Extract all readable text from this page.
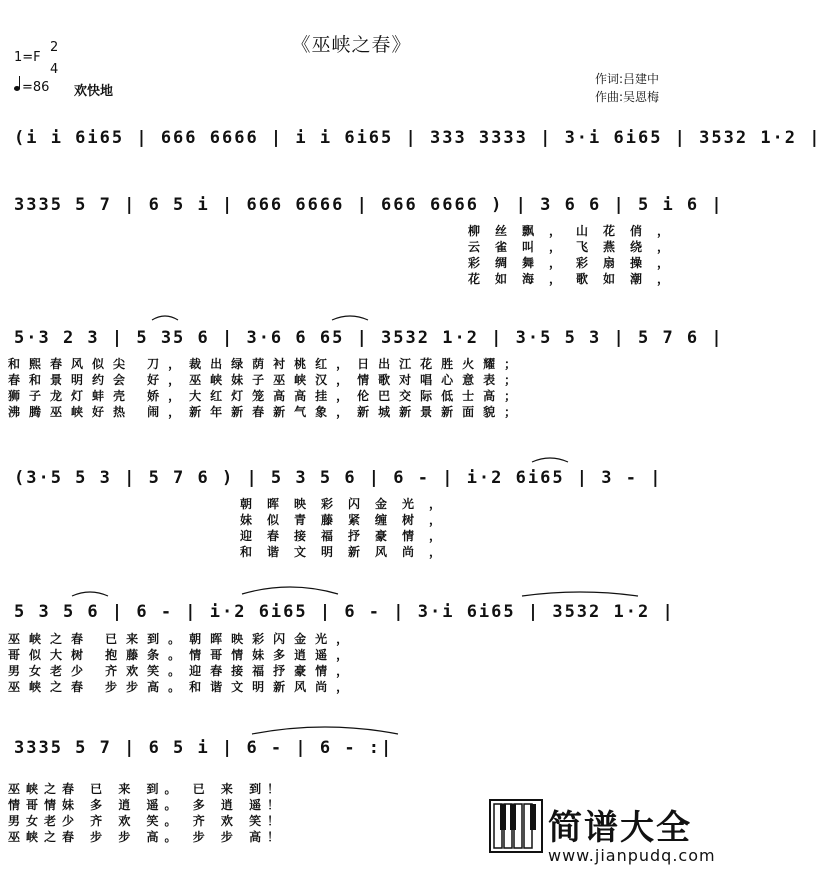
《巫峡之春》
1=F
2
4
=86 欢快地
作词:吕建中
作曲:吴恩梅
(i i 6i65 | 666 6666 | i i 6i65 | 333 3333 | 3·i 6i65 | 3532 1·2 |
3335 5 7 | 6 5 i | 666 6666 | 666 6666 ) | 3 6 6 | 5 i 6 |
柳丝飘，山花俏，
云雀叫，飞燕绕，
彩绸舞，彩扇操，
花如海，歌如潮，
5·3 2 3 | 5 35 6 | 3·6 6 65 | 3532 1·2 | 3·5 5 3 | 5 7 6 |
和熙春风似尖 刀，裁出绿荫衬桃红，日出江花胜火耀；
春和景明约会 好，巫峡妹子巫峡汉，情歌对唱心意表；
狮子龙灯蚌壳 娇，大红灯笼高高挂，伦巴交际低士高；
沸腾巫峡好热 闹，新年新春新气象，新城新景新面貌；
(3·5 5 3 | 5 7 6 ) | 5 3 5 6 | 6 - | i·2 6i65 | 3 - |
朝晖映彩闪金光，
妹似青藤紧缠树，
迎春接福抒豪情，
和谐文明新风尚，
5 3 5 6 | 6 - | i·2 6i65 | 6 - | 3·i 6i65 | 3532 1·2 |
巫峡之春 已来到。朝晖映彩闪金光，
哥似大树 抱藤条。情哥情妹多逍遥，
男女老少 齐欢笑。迎春接福抒豪情，
巫峡之春 步步高。和谐文明新风尚，
3335 5 7 | 6 5 i | 6 - | 6 - :|
巫峡之春 已 来 到。 已 来 到！
情哥情妹 多 逍 遥。 多 逍 遥！
男女老少 齐 欢 笑。 齐 欢 笑！
巫峡之春 步 步 高。 步 步 高！	简谱大全
www.jianpudq.com
